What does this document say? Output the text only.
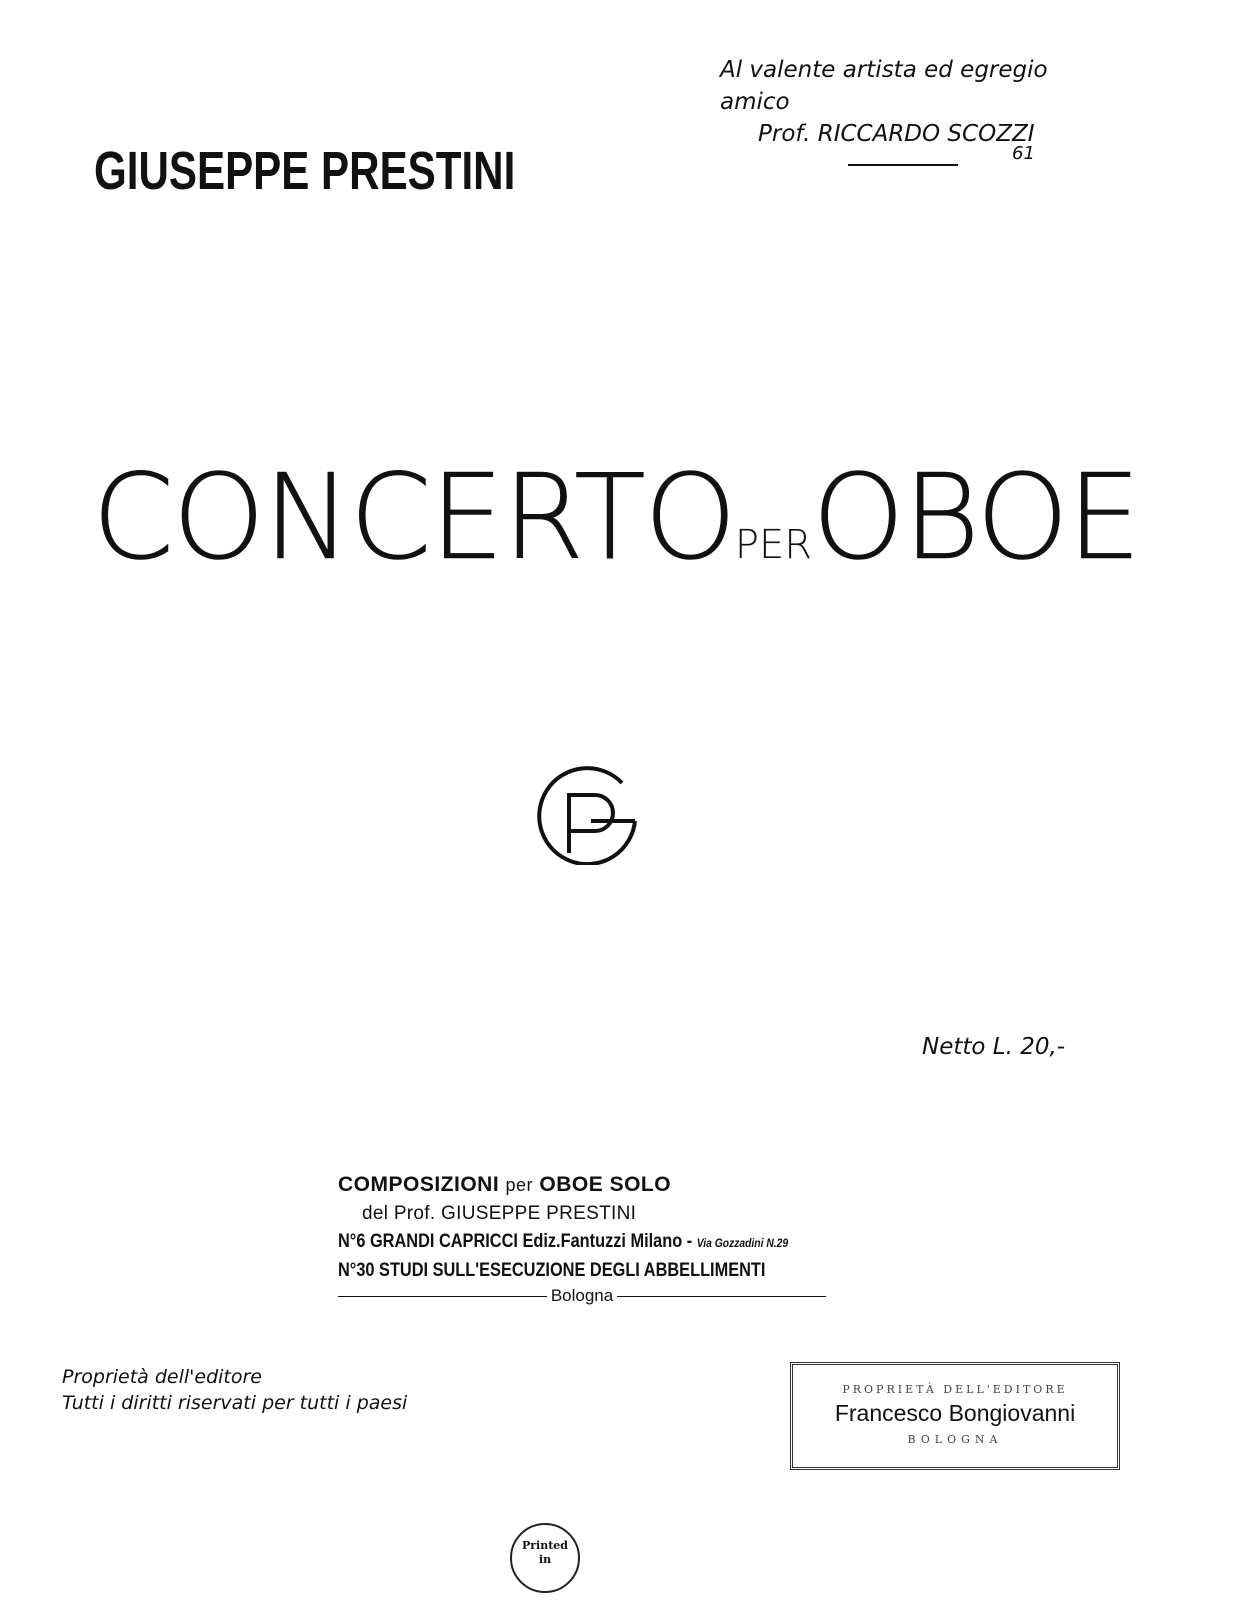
Al valente artista ed egregio amico
Prof. RICCARDO SCOZZI
61
GIUSEPPE PRESTINI
CONCERTOPEROBOE
Netto L. 20,-
COMPOSIZIONI per OBOE SOLO
del Prof. GIUSEPPE PRESTINI
N°6 GRANDI CAPRICCI Ediz.Fantuzzi Milano - Via Gozzadini N.29
N°30 STUDI SULL'ESECUZIONE DEGLI ABBELLIMENTI
Bologna
Proprietà dell'editore
Tutti i diritti riservati per tutti i paesi
PROPRIETÀ DELL'EDITORE
Francesco Bongiovanni
BOLOGNA
Printed
in
